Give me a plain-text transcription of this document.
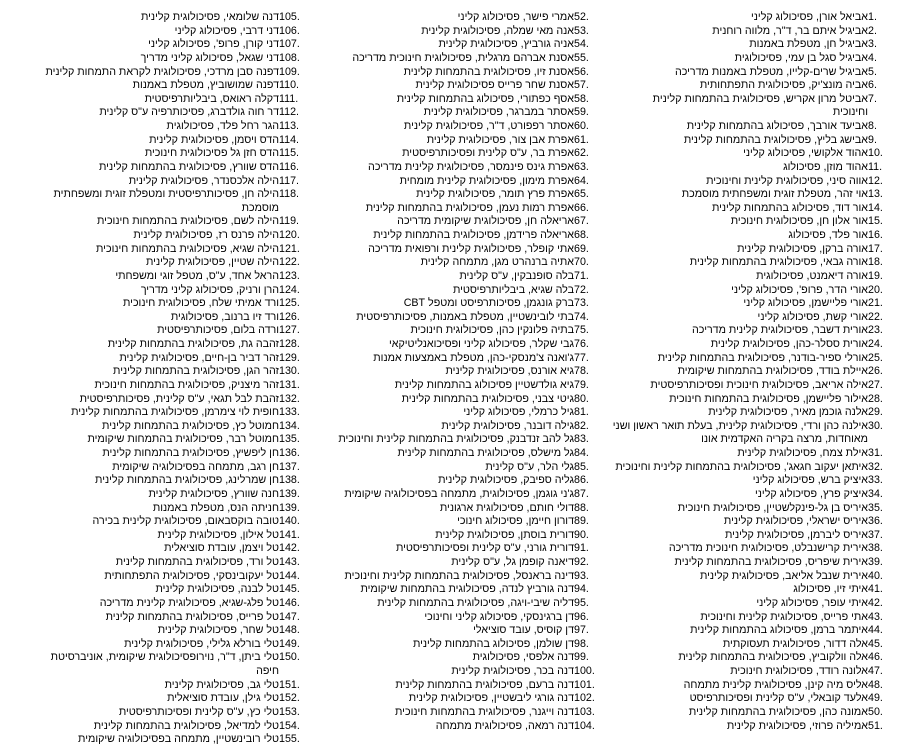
1.
אביאל אורן, פסיכולוג קליני
2.
אביגיל איתם בר, ד"ר, מלווה רוחנית
3.
אביגיל חן, מטפלת באמנות
4.
אביגיל סגל בן עמי, פסיכולוגית
5.
אביגיל שרים-קלייו, מטפלת באמנות מדריכה
6.
אביה מונצ'יק, פסיכולוגית התפתחותית
7.
אביטל מרון אקריש, פסיכולוגית בהתמחות קלינית
וחינוכית
8.
אביעד אורבך, פסיכולוג בהתמחות קלינית
9.
אבישג בליץ, פסיכולוגית בהתמחות קלינית
10.
אהוד אלקושי, פסיכולוג קליני
11.
אהוד מוזן, פסיכולוג
12.
אווה סיני, פסיכולוגית קלינית וחינוכית
13.
אוי זהר, מטפלת זוגית ומשפחתית מוסמכת
14.
אור דוד, פסיכולוג בהתמחות קלינית
15.
אור אלון חן, פסיכולוגית חינוכית
16.
אור פלד, פסיכולוג
17.
אורה ברקן, פסיכולוגית קלינית
18.
אורה גבאי, פסיכולוגית בהתמחות קלינית
19.
אורה דיאמנט, פסיכולוגית
20.
אורי הדר, פרופ', פסיכולוג קליני
21.
אורי פליישמן, פסיכולוג קליני
22.
אורי קשת, פסיכולוג קליני
23.
אורית דשבר, פסיכולוגית קלינית מדריכה
24.
אורית ססלר-כהן, פסיכולוגית קלינית
25.
אורלי ספיר-בודנר, פסיכולוגית בהתמחות קלינית
26.
איילת בודד, פסיכולוגית בהתמחות שיקומית
27.
אילה אריאב, פסיכולוגית חינוכית ופסיכותרפיסטית
28.
אילור פליישמן, פסיכולוגית בהתמחות חינוכית
29.
אלנה גוכמן מאיר, פסיכולוגית קלינית
30.
אילנה כהן ורדי, פסיכולוגית קלינית, בעלת תואר ראשון ושני
מאוחדות, מרצה בקריה האקדמית אונו
31.
אילת צמח, פסיכולוגית קלינית
32.
איתאן יעקוב חגאג', פסיכולוגית בהתמחות קלינית וחינוכית
33.
איציק ברש, פסיכולוג קליני
34.
איציק פרץ, פסיכולוג קליני
35.
איריס בן גל-פינקלשטיין, פסיכולוגית חינוכית
36.
איריס ישראלי, פסיכולוגית קלינית
37.
איריס ליברמן, פסיכולוגית קלינית
38.
אירית קרישנבלט, פסיכולוגית חינוכית מדריכה
39.
אירית שיפריס, פסיכולוגית בהתמחות קלינית
40.
אירית שנבל אליאב, פסיכולוגית קלינית
41.
איתי זיו, פסיכולוג
42.
איתי עופר, פסיכולוג קליני
43.
אתי פרייס, פסיכולוגית קלינית וחינוכית
44.
איתמר ברמן, פסיכולוג בהתמחות קלינית
45.
אלה דדור, פסיכולוגית תעסוקתית
46.
אלה וולקוביץ, פסיכולוגית בהתמחות קלינית
47.
אלונה רודד, פסיכולוגית חינוכית
48.
אליס מיה קינן, פסיכולוגית קלינית מתמחה
49.
אלעד קובאלי, ע"ס קלינית ופסיכותרפיסט
50.
אמונה כהן, פסיכולוגית בהתמחות קלינית
51.
אמיליה פרוזי, פסיכולוגית קלינית
52.
אמרי פישר, פסיכולוג קליני
53.
אנה מאי שמלה, פסיכולוגית קלינית
54.
אניה גורביץ, פסיכולוגית קלינית
55.
אסנת אברהם מרגלית, פסיכולוגית חינוכית מדריכה
56.
אסנת זיו, פסיכולוגית בהתמחות קלינית
57.
אסנת שחר פרייס פסיכולוגית קלינית
58.
אסף כפתורי, פסיכולוג בהתמחות קלינית
59.
אסתר במברגר, פסיכולוגית קלינית
60.
אסתר רפפורט, ד"ר, פסיכולוגית קלינית
61.
אפרת אבן צור, פסיכולוגית קלינית
62.
אפרת בר, ע"ס קלינית ופסיכותרפיסטית
63.
אפרת גינס פינמסר, פסיכולוגית קלינית מדריכה
64.
אפרת מימון, פסיכולוגית קלינית מומחית
65.
אפרת פרץ תומר, פסיכולוגית קלינית
66.
אפרת רמות נעמן, פסיכולוגית בהתמחות קלינית
67.
אריאלה חן, פסיכולוגית שיקומית מדריכה
68.
אריאלה פרידמן, פסיכולוגית בהתמחות קלינית
69.
אתי קופלר, פסיכולוגית קלינית ורפואית מדריכה
70.
אתיה ברנהרט מגן, מתמחה קלינית
71.
בלה סופנבקין, ע"ס קלינית
72.
בלה שגיא, ביבליותרפיסטית
73.
ברק גונגמן, פסיכותרפיסט ומטפל CBT
74.
בתי לובינשטיין, מטפלת באמנות, פסיכותרפיסטית
75.
בתיה פלונקין כהן, פסיכולוגית חינוכית
76.
גבי שקלר, פסיכולוג קליני ופסיכואנליטיקאי
77.
ג'ואנה צ'מנסקי-כהן, מטפלת באמצעות אמנות
78.
גיא אורנס, פסיכולוגית קלינית
79.
גיא גולדשטיין פסיכולוג בהתמחות קלינית
80.
גיטי צבני, פסיכולוגית בהתמחות קלינית
81.
גיל כרמלי, פסיכולוג קליני
82.
גילה דובנר, פסיכולוגית קלינית
83.
גל להב זנדבנק, פסיכולוגית בהתמחות קלינית וחינוכית
84.
גל מישלס, פסיכולוגית בהתמחות קלינית
85.
גלי הלר, ע"ס קלינית
86.
גליה ספיבק, פסיכולוגית קלינית
87.
ג'ני גוגמן, פסיכולוגית, מתמחה בפסיכולוגיה שיקומית
88.
דולי חותם, פסיכולוגית ארגונית
89.
דורון חיימן, פסיכולוג חינוכי
90.
דורית בוסתן, פסיכולוגית קלינית
91.
דורית גורני, ע"ס קלינית ופסיכותרפיסטית
92.
דיאנה קופמן גל, ע"ס קלינית
93.
דינה בראנסל, פסיכולוגית בהתמחות קלינית וחינוכית
94.
דנה גורביץ לנדה, פסיכולוגית בהתמחות שיקומית
95.
דליה שיבי-ויגה, פסיכולוגית בהתמחות קלינית
96.
דן ברגינסקי, פסיכולוג קליני וחינוכי
97.
דן קוסיס, עובד סוציאלי
98.
דן שולמן, פסיכולוג בהתמחות קלינית
99.
דנה אלפסי, פסיכולוגית
100.
דנה בכר, פסיכולוגית קלינית
101.
דנה ברעם, פסיכולוגית בהתמחות קלינית
102.
דנה גורגי ליבשטיין, פסיכולוגית קלינית
103.
דנה וייגנר, פסיכולוגית בהתמחות חינוכית
104.
דנה רמאה, פסיכולוגית מתמחה
105.
דנה שלומאי, פסיכולוגית קלינית
106.
דני דרבי, פסיכולוג קליני
107.
דני קורן, פרופ', פסיכולוג קליני
108.
דני שגאל, פסיכולוג קליני מדריך
109.
דפנה סבן מרדכי, פסיכולוגית לקראת התמחות קלינית
110.
דפנה שמושוביץ, מטפלת באמנות
111.
דקלה ראואס, ביבליותרפיסטית
112.
דר חוה גולדברג, פסיכותרפיה ע"ס קלינית
113.
הגר רחל פלד, פסיכולוגית
114.
הדס ויסמן, פסיכולוגית קלינית
115.
הדס חזן גל פסיכולוגית חינוכית
116.
הדס שוורץ, פסיכולוגית בהתמחות קלינית
117.
הילה אלכסנדר, פסיכולוגית קלינית
118.
הילה חן, פסיכותרפיסטית ומטפלת זוגית ומשפחתית
מוסמכת
119.
הילה לשם, פסיכולוגית בהתמחות חינוכית
120.
הילה פרנס רז, פסיכולוגית קלינית
121.
הילה שגיא, פסיכולוגית בהתמחות חינוכית
122.
הילה שטיין, פסיכולוגית קלינית
123.
הראל אחד, ע"ס, מטפל זוגי ומשפחתי
124.
הרן ורניק, פסיכולוג קליני מדריך
125.
ורד אמיתי שלח, פסיכולוגית חינוכית
126.
ורד זיו ברנוב, פסיכולוגית
127.
ורדה בלום, פסיכותרפיסטית
128.
זהבה גת, פסיכולוגית בהתמחות קלינית
129.
זהר דביר בן-חיים, פסיכולוגית קלינית
130.
זהר הגן, פסיכולוגית בהתמחות קלינית
131.
זהר מיצניק, פסיכולוגית בהתמחות חינוכית
132.
זהבת לבל תגאי, ע"ס קלינית, פסיכותרפיסטית
133.
חופית לוי צימרמן, פסיכולוגית בהתמחות קלינית
134.
חמוטל כץ, פסיכולוגית בהתמחות קלינית
135.
חמוטל רבר, פסיכולוגית בהתמחות שיקומית
136.
חן ליפשיץ, פסיכולוגית בהתמחות קלינית
137.
חן רגב, מתמחה בפסיכולוגיה שיקומית
138.
חן שמרלינג, פסיכולוגית בהתמחות קלינית
139.
חנה שוורץ, פסיכולוגית קלינית
139.
חניתה הנס, מטפלת באמנות
140.
טובה בוקסבאום, פסיכולוגית קלינית בכירה
141.
טל אילון, פסיכולוגית קלינית
142.
טל ויצמן, עובדת סוציאלית
143.
טל ורד, פסיכולוגית בהתמחות קלינית
144.
טל יעקובינסקי, פסיכולוגית התפתחותית
145.
טל לבנה, פסיכולוגית קלינית
146.
טל פלג-שגיא, פסיכולוגית קלינית מדריכה
147.
טל פרייס, פסיכולוגית בהתמחות קלינית
148.
טל שחר, פסיכולוגית קלינית
149.
טלי בורלא גלילי, פסיכולוגית קלינית
150.
טלי ביתן, ד"ר, נוירופסיכולוגית שיקומית, אוניברסיטת
חיפה
151.
טלי גב, פסיכולוגית קלינית
152.
טלי גילן, עובדת סוציאלית
153.
טלי כץ, ע"ס קלינית ופסיכותרפיסטית
154.
טלי למדיאל, פסיכולוגית בהתמחות קלינית
155.
טלי רובינשטיין, מתמחה בפסיכולוגיה שיקומית
